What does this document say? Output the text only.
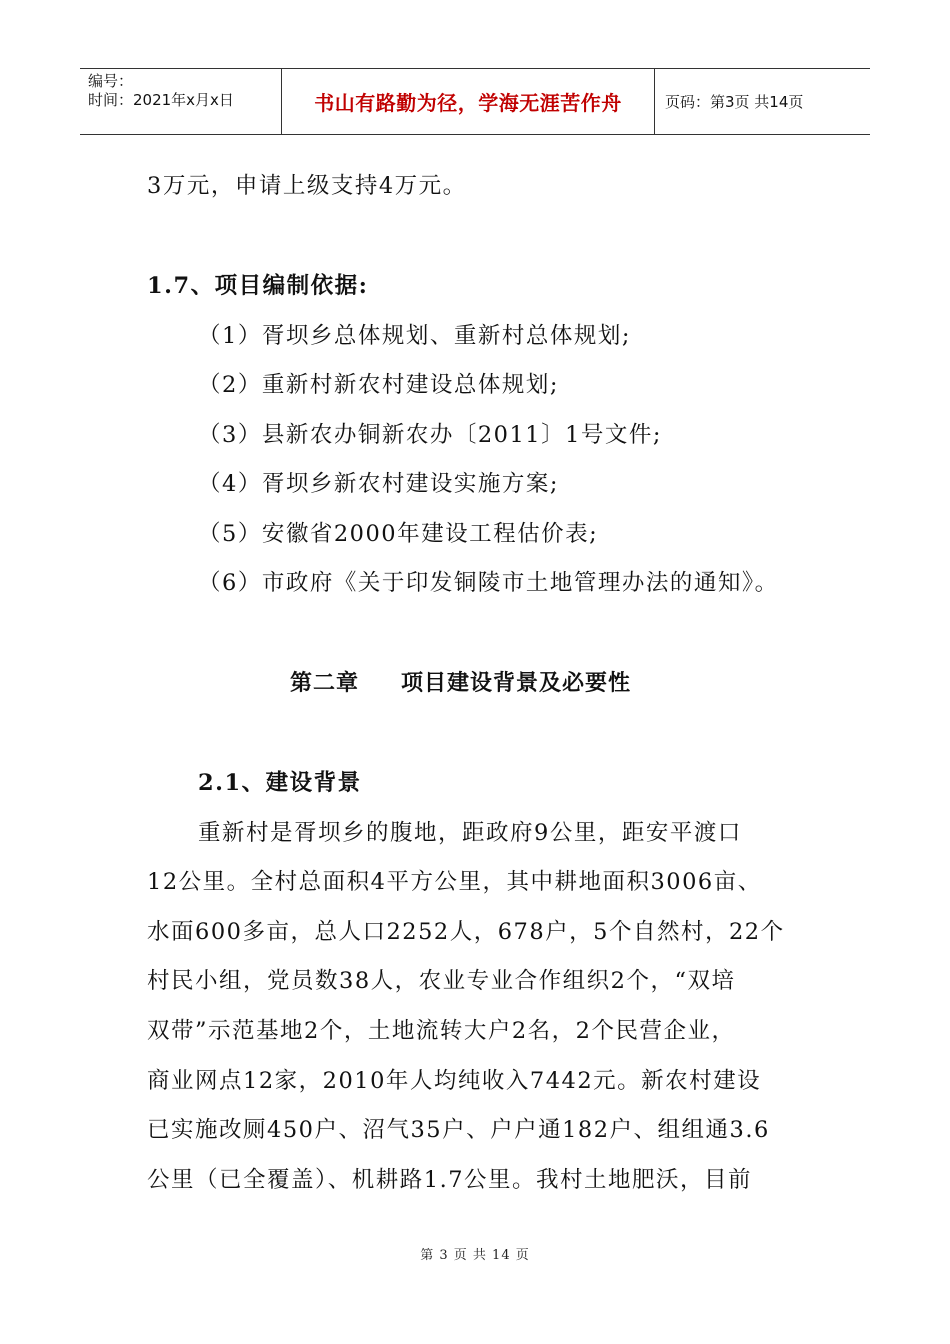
编号：
时间：2021年x月x日	书山有路勤为径，学海无涯苦作舟	页码：第3页 共14页
3万元，申请上级支持4万元。
1.7、项目编制依据:
（1）胥坝乡总体规划、重新村总体规划;
（2）重新村新农村建设总体规划;
（3）县新农办铜新农办〔2011〕1号文件;
（4）胥坝乡新农村建设实施方案;
（5）安徽省2000年建设工程估价表;
（6）市政府《关于印发铜陵市土地管理办法的通知》。
第二章 项目建设背景及必要性
2.1、建设背景
重新村是胥坝乡的腹地，距政府9公里，距安平渡口
12公里。全村总面积4平方公里，其中耕地面积3006亩、
水面600多亩，总人口2252人，678户，5个自然村，22个
村民小组，党员数38人，农业专业合作组织2个，“双培
双带”示范基地2个，土地流转大户2名，2个民营企业，
商业网点12家，2010年人均纯收入7442元。新农村建设
已实施改厕450户、沼气35户、户户通182户、组组通3.6
公里（已全覆盖）、机耕路1.7公里。我村土地肥沃，目前
第 3 页 共 14 页
